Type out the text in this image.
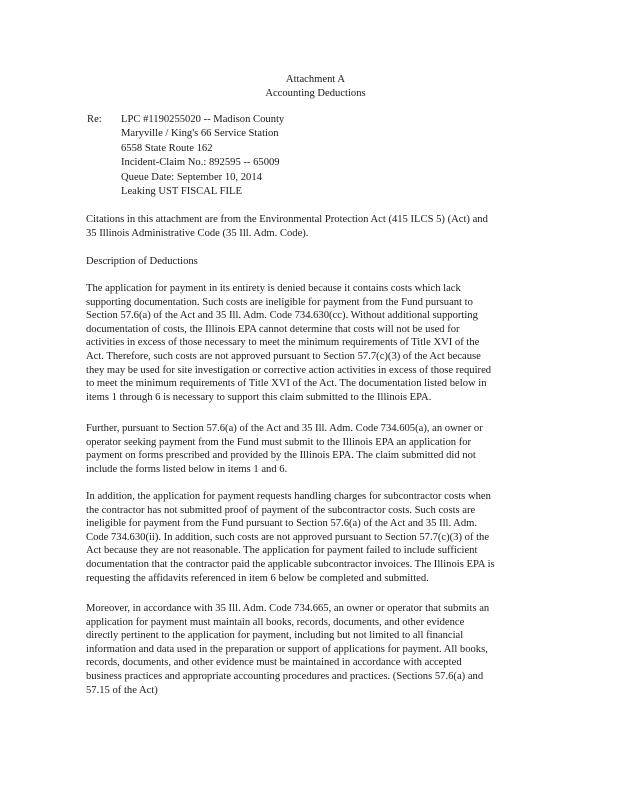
Attachment A
Accounting Deductions
Re: LPC #1190255020 -- Madison County
Maryville / King's 66 Service Station
6558 State Route 162
Incident-Claim No.: 892595 -- 65009
Queue Date: September 10, 2014
Leaking UST FISCAL FILE
Citations in this attachment are from the Environmental Protection Act (415 ILCS 5) (Act) and
35 Illinois Administrative Code (35 Ill. Adm. Code).
Description of Deductions
The application for payment in its entirety is denied because it contains costs which lack
supporting documentation. Such costs are ineligible for payment from the Fund pursuant to
Section 57.6(a) of the Act and 35 Ill. Adm. Code 734.630(cc). Without additional supporting
documentation of costs, the Illinois EPA cannot determine that costs will not be used for
activities in excess of those necessary to meet the minimum requirements of Title XVI of the
Act. Therefore, such costs are not approved pursuant to Section 57.7(c)(3) of the Act because
they may be used for site investigation or corrective action activities in excess of those required
to meet the minimum requirements of Title XVI of the Act. The documentation listed below in
items 1 through 6 is necessary to support this claim submitted to the Illinois EPA.
Further, pursuant to Section 57.6(a) of the Act and 35 Ill. Adm. Code 734.605(a), an owner or
operator seeking payment from the Fund must submit to the Illinois EPA an application for
payment on forms prescribed and provided by the Illinois EPA. The claim submitted did not
include the forms listed below in items 1 and 6.
In addition, the application for payment requests handling charges for subcontractor costs when
the contractor has not submitted proof of payment of the subcontractor costs. Such costs are
ineligible for payment from the Fund pursuant to Section 57.6(a) of the Act and 35 Ill. Adm.
Code 734.630(ii). In addition, such costs are not approved pursuant to Section 57.7(c)(3) of the
Act because they are not reasonable. The application for payment failed to include sufficient
documentation that the contractor paid the applicable subcontractor invoices. The Illinois EPA is
requesting the affidavits referenced in item 6 below be completed and submitted.
Moreover, in accordance with 35 Ill. Adm. Code 734.665, an owner or operator that submits an
application for payment must maintain all books, records, documents, and other evidence
directly pertinent to the application for payment, including but not limited to all financial
information and data used in the preparation or support of applications for payment. All books,
records, documents, and other evidence must be maintained in accordance with accepted
business practices and appropriate accounting procedures and practices. (Sections 57.6(a) and
57.15 of the Act)
